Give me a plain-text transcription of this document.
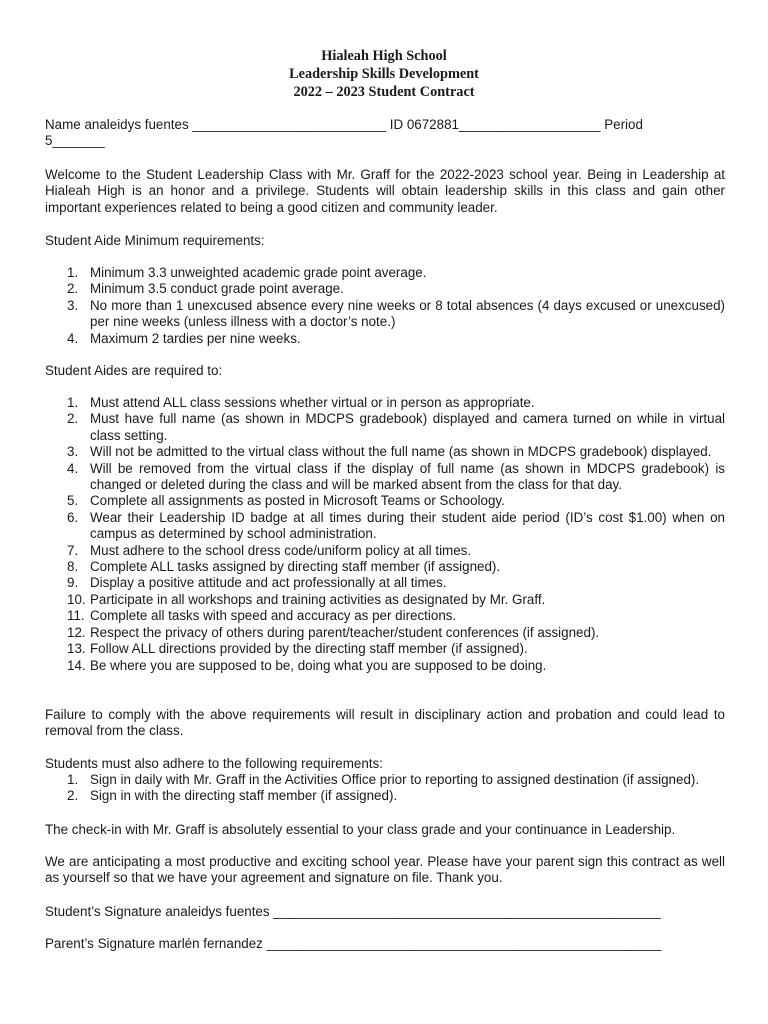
Hialeah High School
Leadership Skills Development
2022 – 2023 Student Contract
Name analeidys fuentes __________________________ ID 0672881___________________ Period
5_______
Welcome to the Student Leadership Class with Mr. Graff for the 2022-2023 school year. Being in Leadership at Hialeah High is an honor and a privilege. Students will obtain leadership skills in this class and gain other important experiences related to being a good citizen and community leader.
Student Aide Minimum requirements:
1. Minimum 3.3 unweighted academic grade point average.
2. Minimum 3.5 conduct grade point average.
3. No more than 1 unexcused absence every nine weeks or 8 total absences (4 days excused or unexcused) per nine weeks (unless illness with a doctor’s note.)
4. Maximum 2 tardies per nine weeks.
Student Aides are required to:
1. Must attend ALL class sessions whether virtual or in person as appropriate.
2. Must have full name (as shown in MDCPS gradebook) displayed and camera turned on while in virtual class setting.
3. Will not be admitted to the virtual class without the full name (as shown in MDCPS gradebook) displayed.
4. Will be removed from the virtual class if the display of full name (as shown in MDCPS gradebook) is changed or deleted during the class and will be marked absent from the class for that day.
5. Complete all assignments as posted in Microsoft Teams or Schoology.
6. Wear their Leadership ID badge at all times during their student aide period (ID’s cost $1.00) when on campus as determined by school administration.
7. Must adhere to the school dress code/uniform policy at all times.
8. Complete ALL tasks assigned by directing staff member (if assigned).
9. Display a positive attitude and act professionally at all times.
10. Participate in all workshops and training activities as designated by Mr. Graff.
11. Complete all tasks with speed and accuracy as per directions.
12. Respect the privacy of others during parent/teacher/student conferences (if assigned).
13. Follow ALL directions provided by the directing staff member (if assigned).
14. Be where you are supposed to be, doing what you are supposed to be doing.
Failure to comply with the above requirements will result in disciplinary action and probation and could lead to removal from the class.
Students must also adhere to the following requirements:
1. Sign in daily with Mr. Graff in the Activities Office prior to reporting to assigned destination (if assigned).
2. Sign in with the directing staff member (if assigned).
The check-in with Mr. Graff is absolutely essential to your class grade and your continuance in Leadership.
We are anticipating a most productive and exciting school year. Please have your parent sign this contract as well as yourself so that we have your agreement and signature on file. Thank you.
Student’s Signature analeidys fuentes ____________________________________________________
Parent’s Signature marlén fernandez _____________________________________________________
